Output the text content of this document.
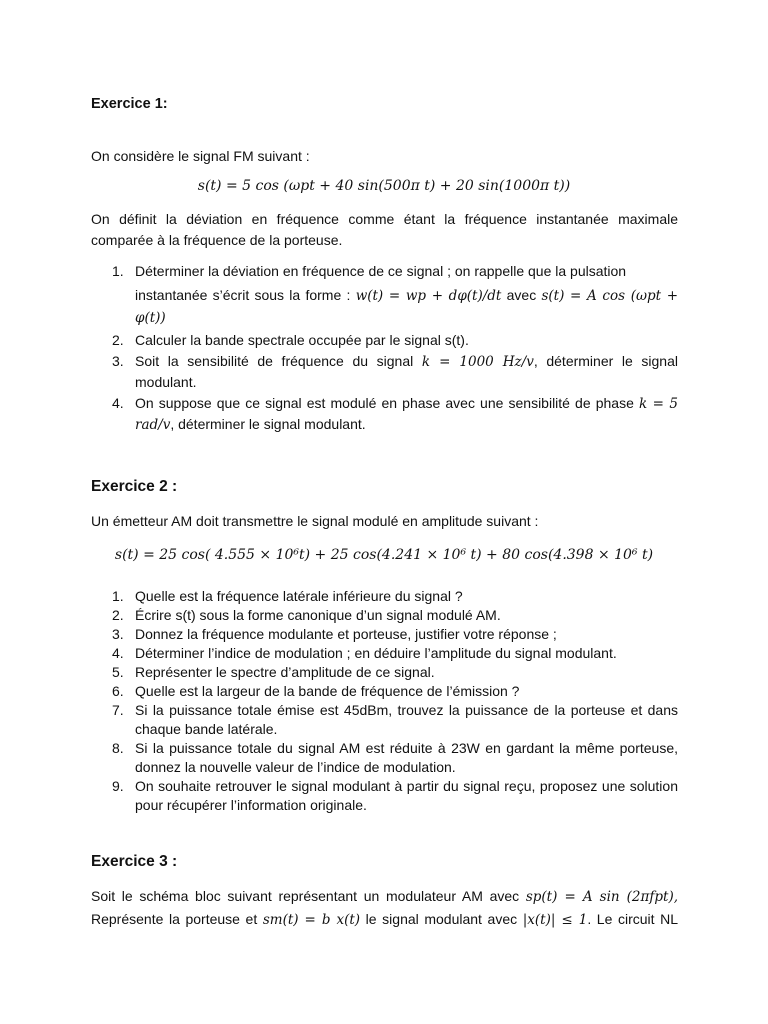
Exercice 1:
On considère le signal FM suivant :
s(t) = 5 cos (ωpt + 40 sin(500π t) + 20 sin(1000π t))
On définit la déviation en fréquence comme étant la fréquence instantanée maximale comparée à la fréquence de la porteuse.
1. Déterminer la déviation en fréquence de ce signal ; on rappelle que la pulsation
instantanée s’écrit sous la forme : w(t) = wp + dφ(t)/dt avec s(t) = A cos (ωpt +
φ(t))
2. Calculer la bande spectrale occupée par le signal s(t).
3. Soit la sensibilité de fréquence du signal k = 1000 Hz/v, déterminer le signal modulant.
4. On suppose que ce signal est modulé en phase avec une sensibilité de phase k = 5 rad/v, déterminer le signal modulant.
Exercice 2 :
Un émetteur AM doit transmettre le signal modulé en amplitude suivant :
s(t) = 25 cos( 4.555 × 10⁶t) + 25 cos(4.241 × 10⁶ t) + 80 cos(4.398 × 10⁶ t)
1. Quelle est la fréquence latérale inférieure du signal ?
2. Écrire s(t) sous la forme canonique d’un signal modulé AM.
3. Donnez la fréquence modulante et porteuse, justifier votre réponse ;
4. Déterminer l’indice de modulation ; en déduire l’amplitude du signal modulant.
5. Représenter le spectre d’amplitude de ce signal.
6. Quelle est la largeur de la bande de fréquence de l’émission ?
7. Si la puissance totale émise est 45dBm, trouvez la puissance de la porteuse et dans chaque bande latérale.
8. Si la puissance totale du signal AM est réduite à 23W en gardant la même porteuse, donnez la nouvelle valeur de l’indice de modulation.
9. On souhaite retrouver le signal modulant à partir du signal reçu, proposez une solution pour récupérer l’information originale.
Exercice 3 :
Soit le schéma bloc suivant représentant un modulateur AM avec sp(t) = A sin (2πfpt),
Représente la porteuse et sm(t) = b x(t) le signal modulant avec |x(t)| ≤ 1. Le circuit NL
